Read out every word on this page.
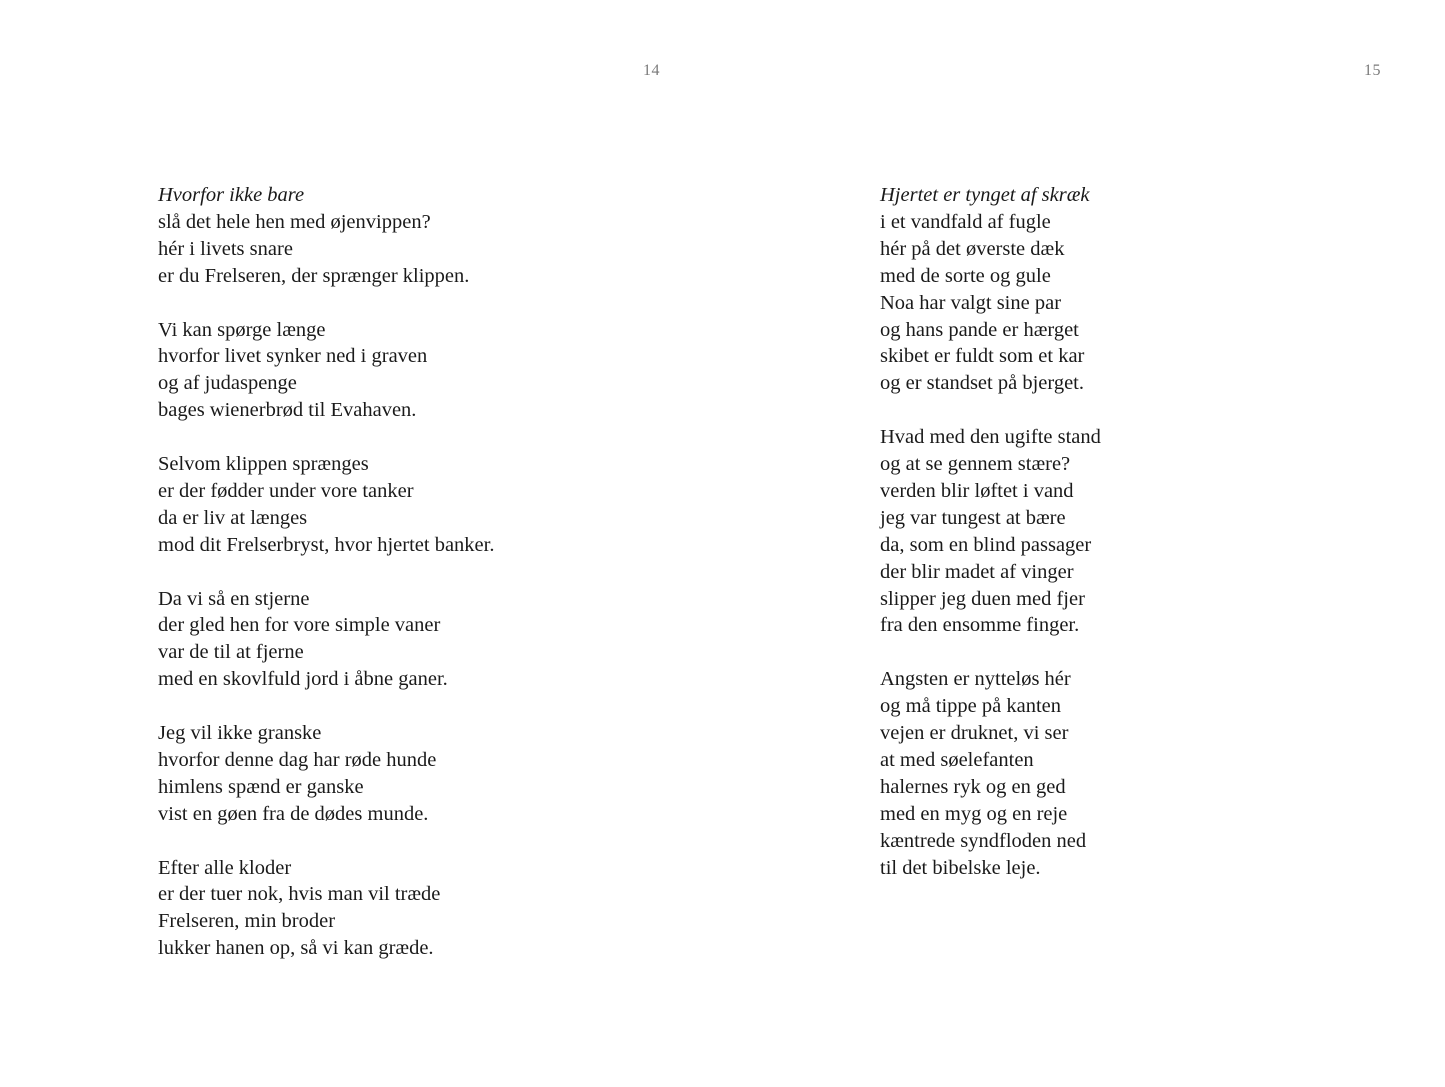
14	15
Hvorfor ikke bare
slå det hele hen med øjenvippen?
hér i livets snare
er du Frelseren, der sprænger klippen.
Vi kan spørge længe
hvorfor livet synker ned i graven
og af judaspenge
bages wienerbrød til Evahaven.
Selvom klippen sprænges
er der fødder under vore tanker
da er liv at længes
mod dit Frelserbryst, hvor hjertet banker.
Da vi så en stjerne
der gled hen for vore simple vaner
var de til at fjerne
med en skovlfuld jord i åbne ganer.
Jeg vil ikke granske
hvorfor denne dag har røde hunde
himlens spænd er ganske
vist en gøen fra de dødes munde.
Efter alle kloder
er der tuer nok, hvis man vil træde
Frelseren, min broder
lukker hanen op, så vi kan græde.
Hjertet er tynget af skræk
i et vandfald af fugle
hér på det øverste dæk
med de sorte og gule
Noa har valgt sine par
og hans pande er hærget
skibet er fuldt som et kar
og er standset på bjerget.
Hvad med den ugifte stand
og at se gennem stære?
verden blir løftet i vand
jeg var tungest at bære
da, som en blind passager
der blir madet af vinger
slipper jeg duen med fjer
fra den ensomme finger.
Angsten er nytteløs hér
og må tippe på kanten
vejen er druknet, vi ser
at med søelefanten
halernes ryk og en ged
med en myg og en reje
kæntrede syndfloden ned
til det bibelske leje.
